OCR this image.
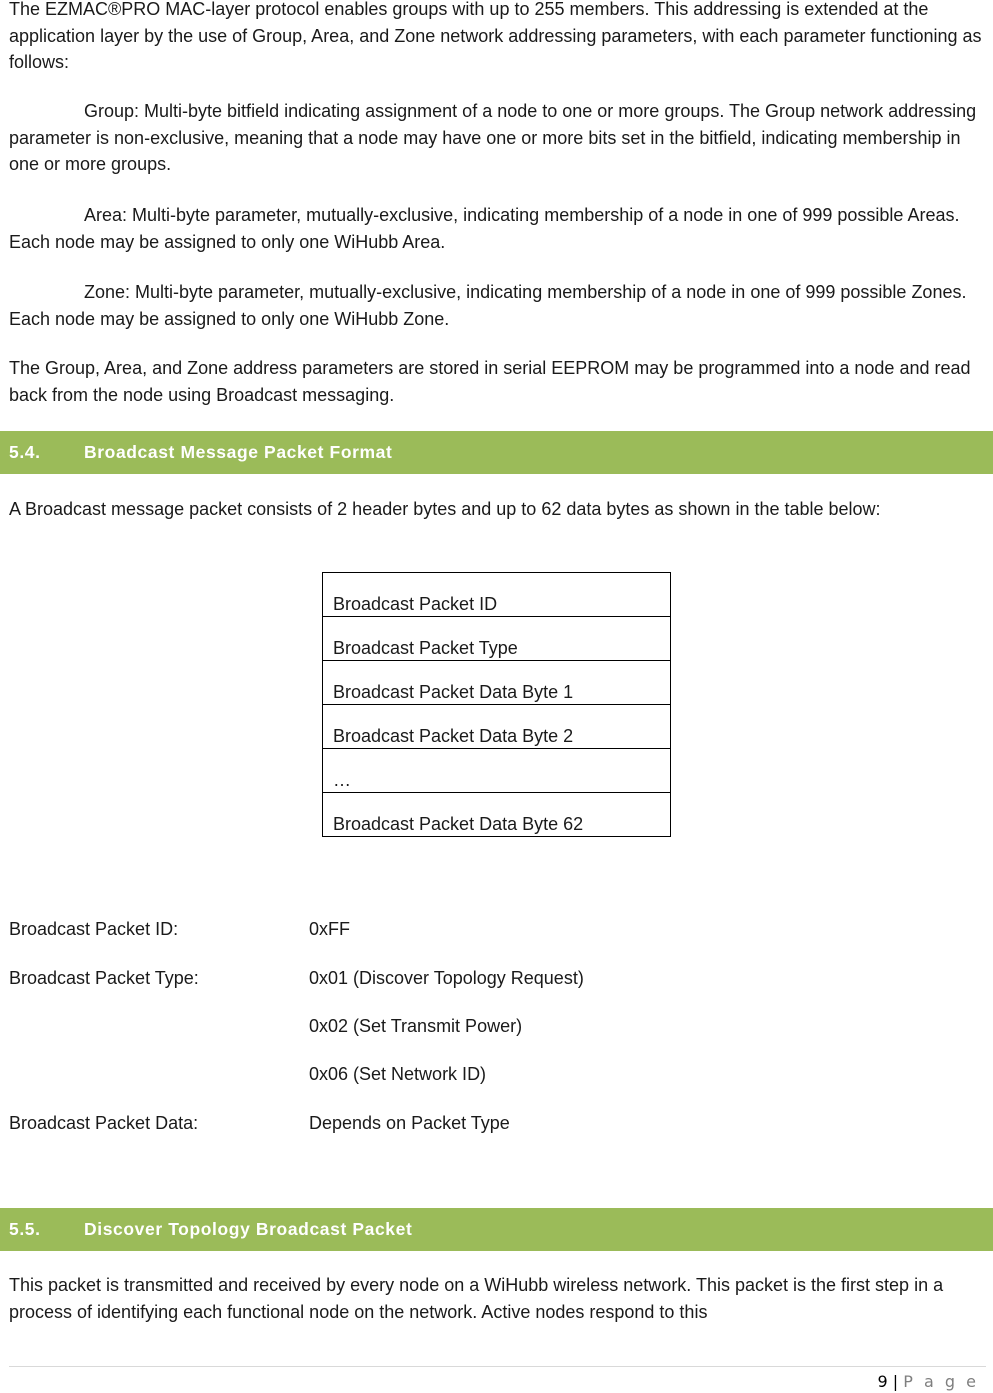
The EZMAC®PRO MAC-layer protocol enables groups with up to 255 members. This addressing is extended at the application layer by the use of Group, Area, and Zone network addressing parameters, with each parameter functioning as follows:

Group: Multi-byte bitfield indicating assignment of a node to one or more groups. The Group network addressing parameter is non-exclusive, meaning that a node may have one or more bits set in the bitfield, indicating membership in one or more groups.

Area: Multi-byte parameter, mutually-exclusive, indicating membership of a node in one of 999 possible Areas. Each node may be assigned to only one WiHubb Area.

Zone: Multi-byte parameter, mutually-exclusive, indicating membership of a node in one of 999 possible Zones. Each node may be assigned to only one WiHubb Zone.

The Group, Area, and Zone address parameters are stored in serial EEPROM may be programmed into a node and read back from the node using Broadcast messaging.

5.4. Broadcast Message Packet Format

A Broadcast message packet consists of 2 header bytes and up to 62 data bytes as shown in the table below:

Broadcast Packet ID
Broadcast Packet Type
Broadcast Packet Data Byte 1
Broadcast Packet Data Byte 2
…
Broadcast Packet Data Byte 62
Broadcast Packet ID:	0xFF
Broadcast Packet Type:	0x01 (Discover Topology Request)
0x02 (Set Transmit Power)
0x06 (Set Network ID)
Broadcast Packet Data:	Depends on Packet Type
5.5. Discover Topology Broadcast Packet

This packet is transmitted and received by every node on a WiHubb wireless network. This packet is the first step in a process of identifying each functional node on the network. Active nodes respond to this

9 | P a g e
